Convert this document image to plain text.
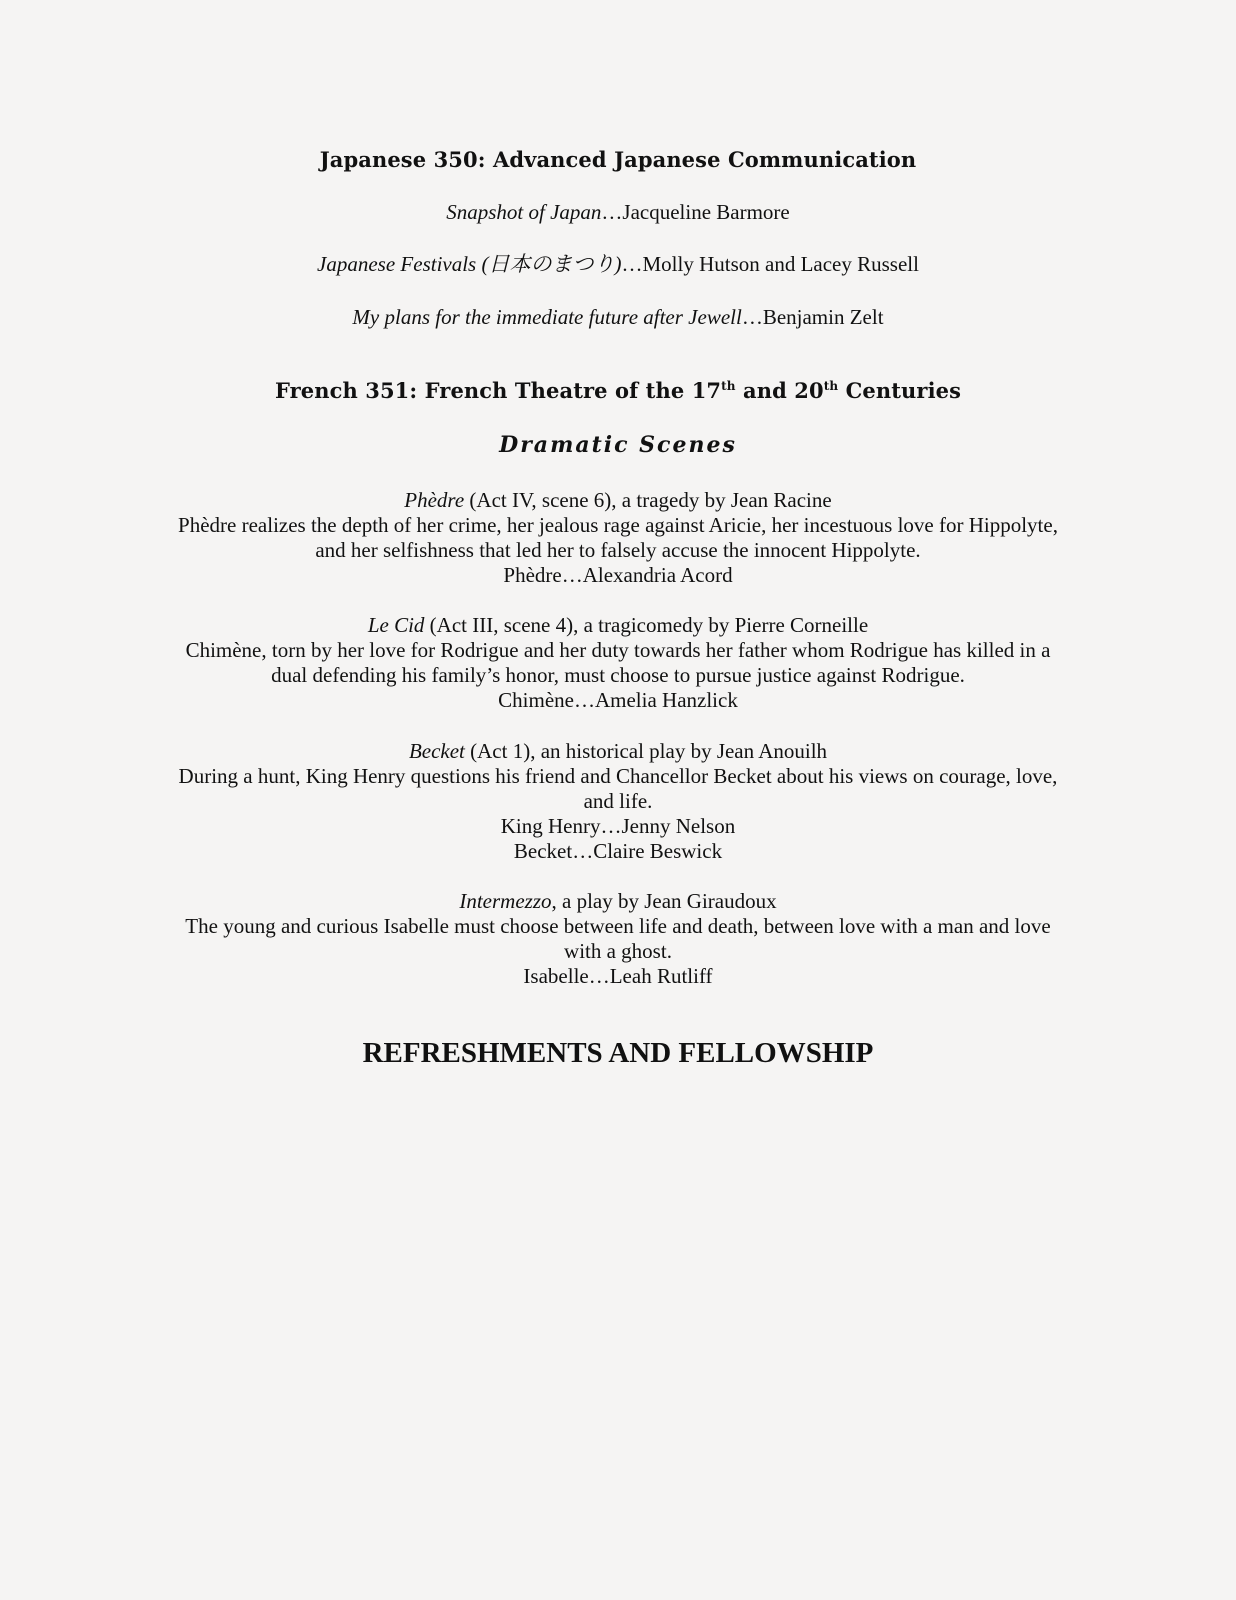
Japanese 350: Advanced Japanese Communication
Snapshot of Japan…Jacqueline Barmore
Japanese Festivals (日本のまつり)…Molly Hutson and Lacey Russell
My plans for the immediate future after Jewell…Benjamin Zelt
French 351: French Theatre of the 17th and 20th Centuries
Dramatic Scenes
Phèdre (Act IV, scene 6), a tragedy by Jean Racine
Phèdre realizes the depth of her crime, her jealous rage against Aricie, her incestuous love for Hippolyte,
and her selfishness that led her to falsely accuse the innocent Hippolyte.
Phèdre…Alexandria Acord
Le Cid (Act III, scene 4), a tragicomedy by Pierre Corneille
Chimène, torn by her love for Rodrigue and her duty towards her father whom Rodrigue has killed in a
dual defending his family’s honor, must choose to pursue justice against Rodrigue.
Chimène…Amelia Hanzlick
Becket (Act 1), an historical play by Jean Anouilh
During a hunt, King Henry questions his friend and Chancellor Becket about his views on courage, love,
and life.
King Henry…Jenny Nelson
Becket…Claire Beswick
Intermezzo, a play by Jean Giraudoux
The young and curious Isabelle must choose between life and death, between love with a man and love
with a ghost.
Isabelle…Leah Rutliff
REFRESHMENTS AND FELLOWSHIP
